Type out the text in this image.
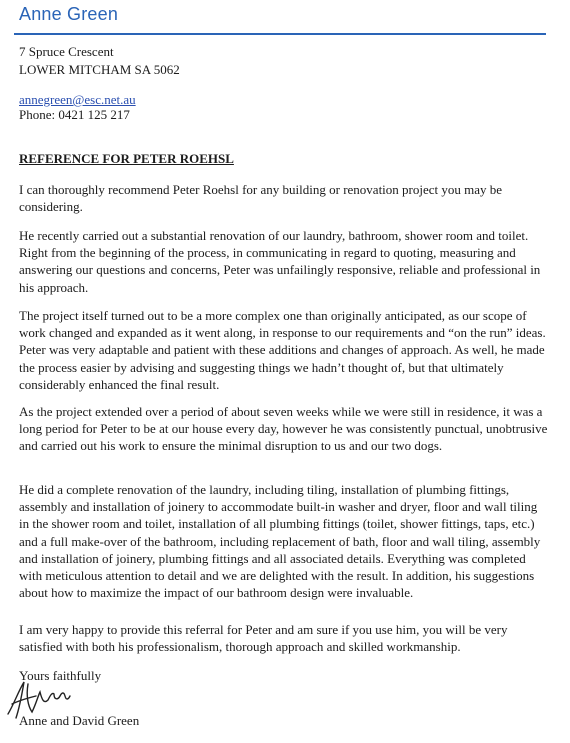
Anne Green
7 Spruce Crescent
LOWER MITCHAM SA 5062
annegreen@esc.net.au
Phone: 0421 125 217
REFERENCE FOR PETER ROEHSL

I can thoroughly recommend Peter Roehsl for any building or renovation project you may be considering.

He recently carried out a substantial renovation of our laundry, bathroom, shower room and toilet. Right from the beginning of the process, in communicating in regard to quoting, measuring and answering our questions and concerns, Peter was unfailingly responsive, reliable and professional in his approach.

The project itself turned out to be a more complex one than originally anticipated, as our scope of work changed and expanded as it went along, in response to our requirements and “on the run” ideas. Peter was very adaptable and patient with these additions and changes of approach. As well, he made the process easier by advising and suggesting things we hadn’t thought of, but that ultimately considerably enhanced the final result.

As the project extended over a period of about seven weeks while we were still in residence, it was a long period for Peter to be at our house every day, however he was consistently punctual, unobtrusive and carried out his work to ensure the minimal disruption to us and our two dogs.

He did a complete renovation of the laundry, including tiling, installation of plumbing fittings, assembly and installation of joinery to accommodate built-in washer and dryer, floor and wall tiling in the shower room and toilet, installation of all plumbing fittings (toilet, shower fittings, taps, etc.) and a full make-over of the bathroom, including replacement of bath, floor and wall tiling, assembly and installation of joinery, plumbing fittings and all associated details. Everything was completed with meticulous attention to detail and we are delighted with the result. In addition, his suggestions about how to maximize the impact of our bathroom design were invaluable.

I am very happy to provide this referral for Peter and am sure if you use him, you will be very satisfied with both his professionalism, thorough approach and skilled workmanship.

Yours faithfully
Anne and David Green
